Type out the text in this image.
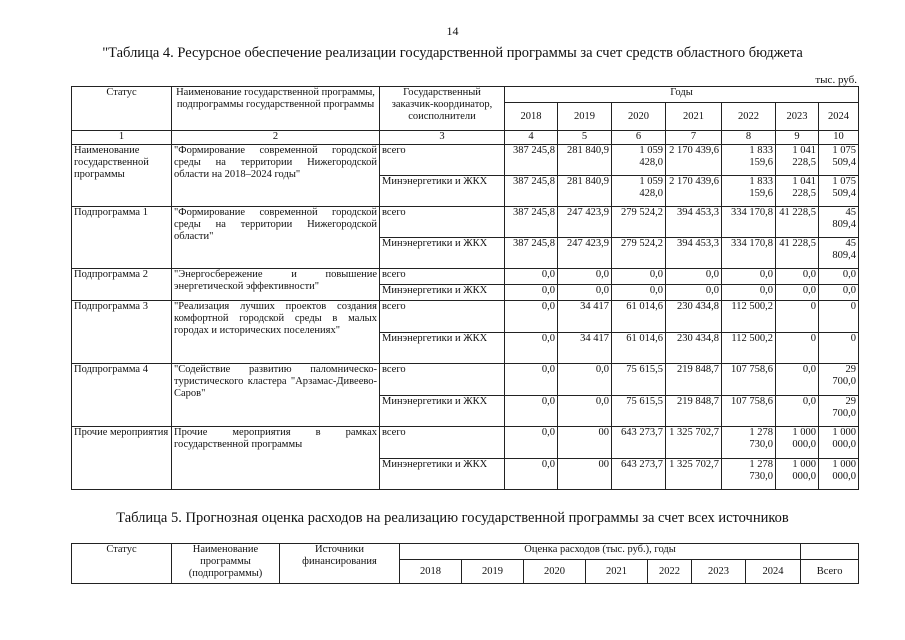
14
"Таблица 4. Ресурсное обеспечение реализации государственной программы за счет средств областного бюджета
тыс. руб.
Статус	Наименование государственной программы, подпрограммы государственной программы	Государственный заказчик-координатор, соисполнители	Годы						
			2018	2019	2020	2021	2022	2023	2024
1	2	3	4	5	6	7	8	9	10
Наименование государственной программы	"Формирование современной городской среды на территории Нижегородской области на 2018–2024 годы"	всего	387 245,8	281 840,9	1 059 428,0	2 170 439,6	1 833 159,6	1 041 228,5	1 075 509,4
		Минэнергетики и ЖКХ	387 245,8	281 840,9	1 059 428,0	2 170 439,6	1 833 159,6	1 041 228,5	1 075 509,4
Подпрограмма 1	"Формирование современной городской среды на территории Нижегородской области"	всего	387 245,8	247 423,9	279 524,2	394 453,3	334 170,8	41 228,5	45 809,4
		Минэнергетики и ЖКХ	387 245,8	247 423,9	279 524,2	394 453,3	334 170,8	41 228,5	45 809,4
Подпрограмма 2	"Энергосбережение и повышение энергетической эффективности"	всего	0,0	0,0	0,0	0,0	0,0	0,0	0,0
		Минэнергетики и ЖКХ	0,0	0,0	0,0	0,0	0,0	0,0	0,0
Подпрограмма 3	"Реализация лучших проектов создания комфортной городской среды в малых городах и исторических поселениях"	всего	0,0	34 417	61 014,6	230 434,8	112 500,2	0	0
		Минэнергетики и ЖКХ	0,0	34 417	61 014,6	230 434,8	112 500,2	0	0
Подпрограмма 4	"Содействие развитию паломническо-туристического кластера "Арзамас-Дивеево-Саров"	всего	0,0	0,0	75 615,5	219 848,7	107 758,6	0,0	29 700,0
		Минэнергетики и ЖКХ	0,0	0,0	75 615,5	219 848,7	107 758,6	0,0	29 700,0
Прочие мероприятия	Прочие мероприятия в рамках государственной программы	всего	0,0	00	643 273,7	1 325 702,7	1 278 730,0	1 000 000,0	1 000 000,0
		Минэнергетики и ЖКХ	0,0	00	643 273,7	1 325 702,7	1 278 730,0	1 000 000,0	1 000 000,0
Таблица 5. Прогнозная оценка расходов на реализацию государственной программы за счет всех источников
Статус	Наименование программы (подпрограммы)	Источники финансирования	Оценка расходов (тыс. руб.), годы							
			2018	2019	2020	2021	2022	2023	2024	Всего
